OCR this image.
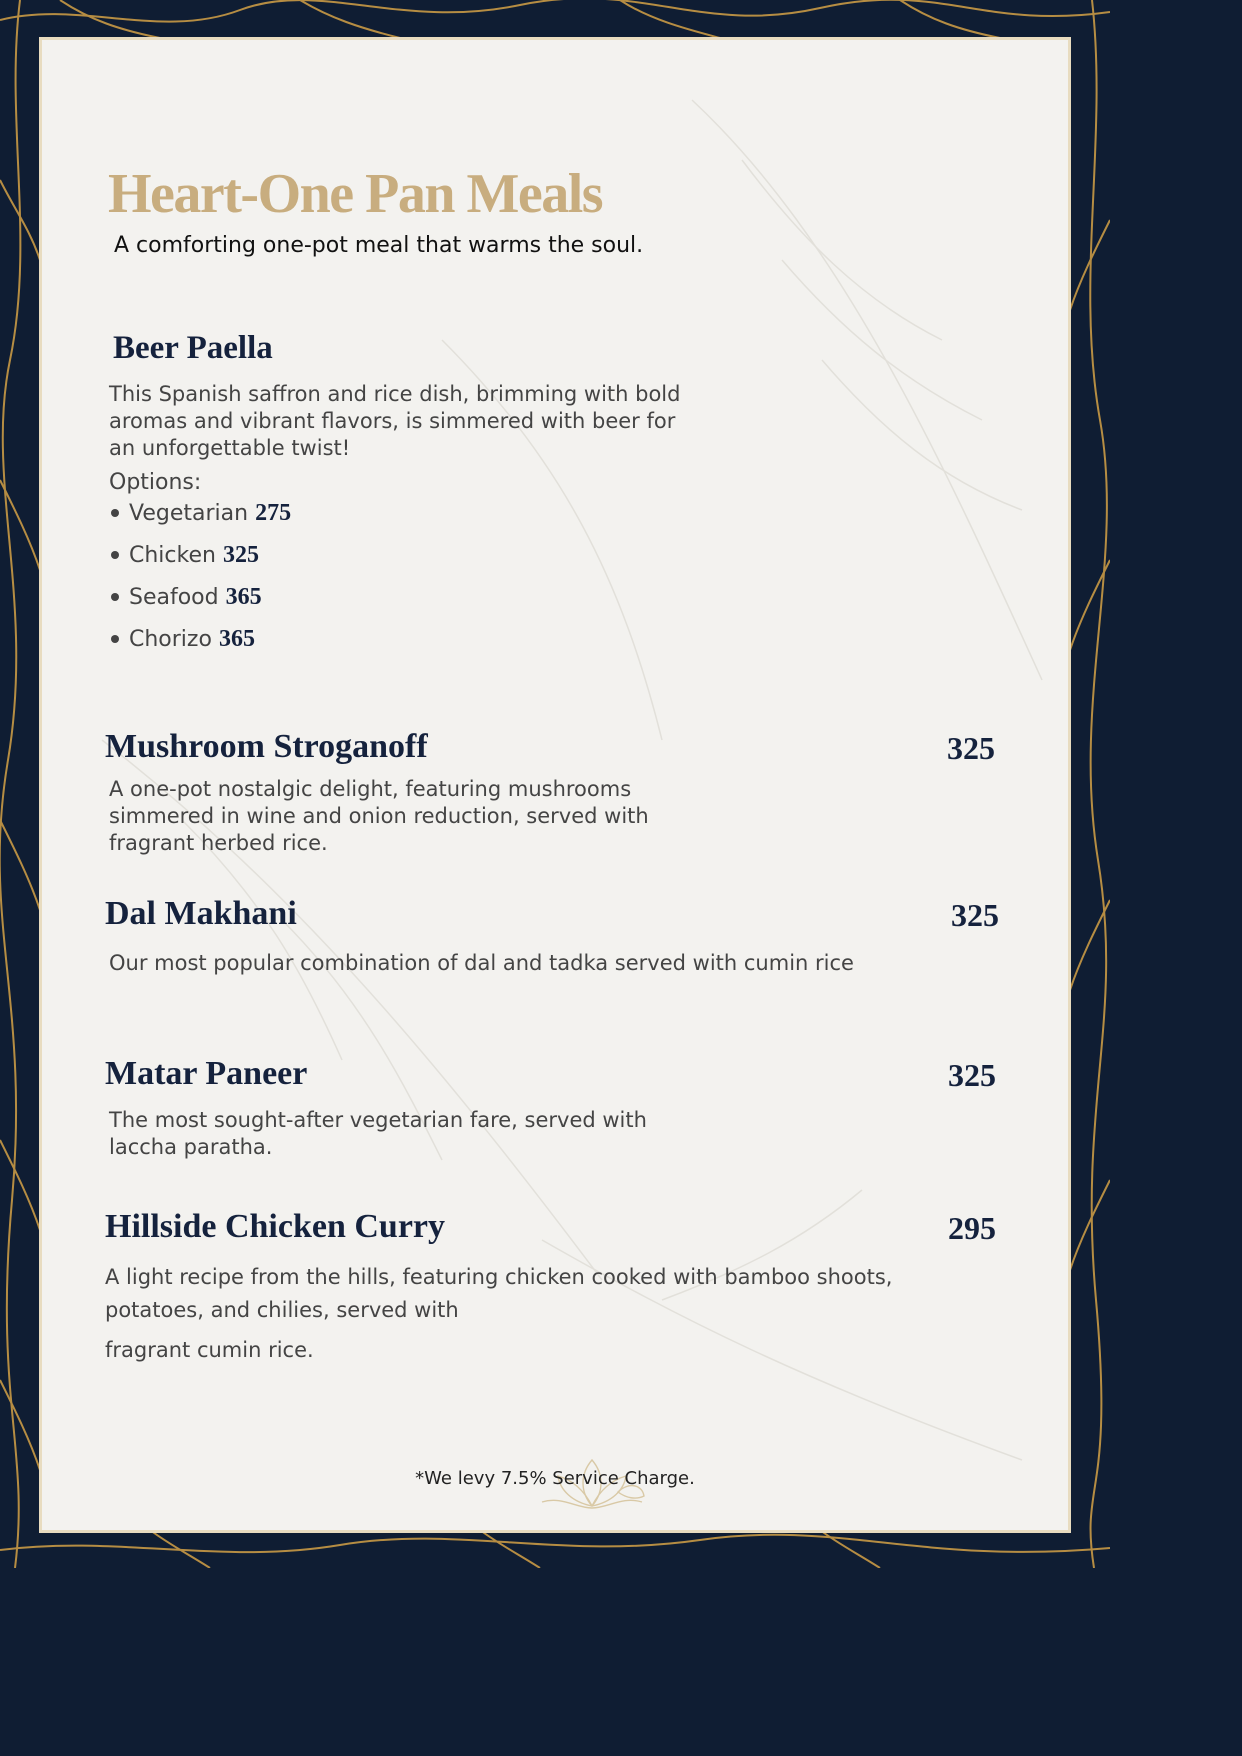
Heart-One Pan Meals
A comforting one-pot meal that warms the soul.
Beer Paella
This Spanish saffron and rice dish, brimming with bold
aromas and vibrant flavors, is simmered with beer for
an unforgettable twist!
Options:
Vegetarian 275
Chicken 325
Seafood 365
Chorizo 365
Mushroom Stroganoff	325
A one-pot nostalgic delight, featuring mushrooms
simmered in wine and onion reduction, served with
fragrant herbed rice.
Dal Makhani	325
Our most popular combination of dal and tadka served with cumin rice
Matar Paneer	325
The most sought-after vegetarian fare, served with
laccha paratha.
Hillside Chicken Curry	295
A light recipe from the hills, featuring chicken cooked with bamboo shoots,
potatoes, and chilies, served with
fragrant cumin rice.
*We levy 7.5% Service Charge.
